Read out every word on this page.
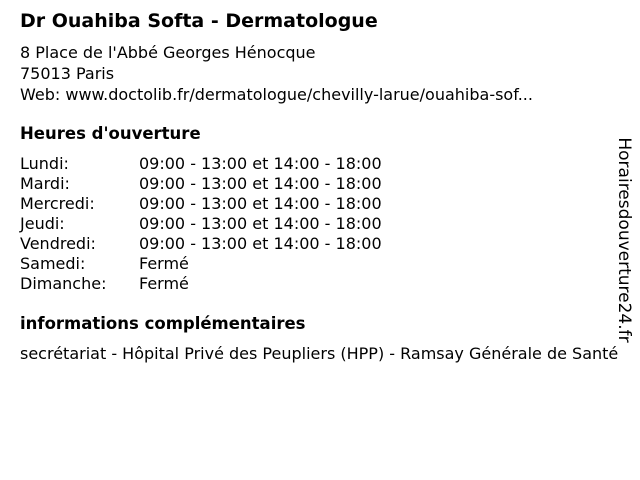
Dr Ouahiba Softa - Dermatologue
8 Place de l'Abbé Georges Hénocque
75013 Paris
Web: www.doctolib.fr/dermatologue/chevilly-larue/ouahiba-sof...
Heures d'ouverture
Lundi:	09:00 - 13:00 et 14:00 - 18:00
Mardi:	09:00 - 13:00 et 14:00 - 18:00
Mercredi:	09:00 - 13:00 et 14:00 - 18:00
Jeudi:	09:00 - 13:00 et 14:00 - 18:00
Vendredi:	09:00 - 13:00 et 14:00 - 18:00
Samedi:	Fermé
Dimanche: Fermé
informations complémentaires
secrétariat - Hôpital Privé des Peupliers (HPP) - Ramsay Générale de Santé
Horairesdouverture24.fr
